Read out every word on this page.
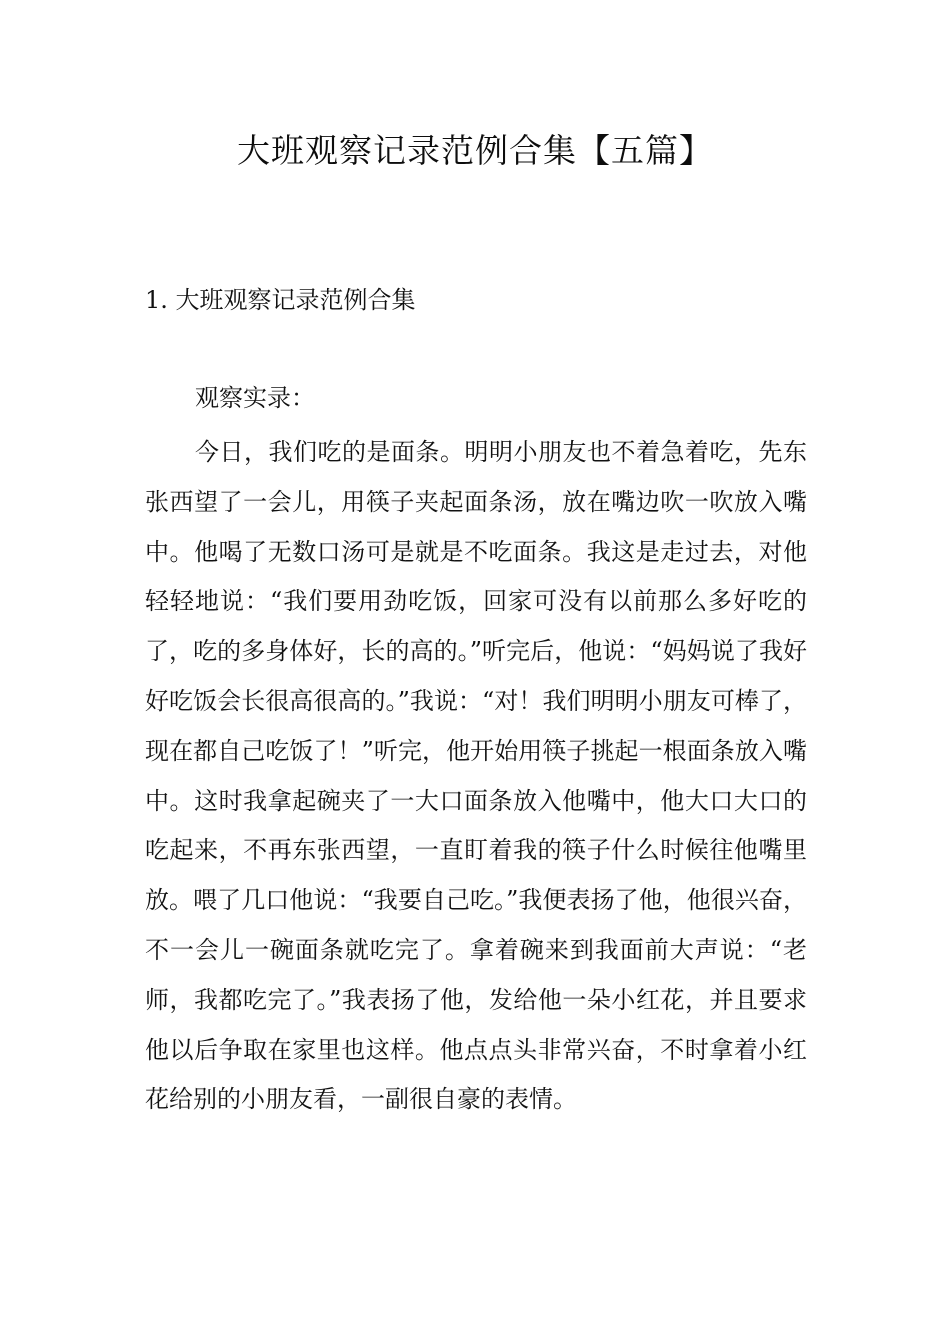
大班观察记录范例合集【五篇】
1. 大班观察记录范例合集
观察实录：

今日，我们吃的是面条。明明小朋友也不着急着吃，先东张西望了一会儿，用筷子夹起面条汤，放在嘴边吹一吹放入嘴中。他喝了无数口汤可是就是不吃面条。我这是走过去，对他轻轻地说：“我们要用劲吃饭，回家可没有以前那么多好吃的了，吃的多身体好，长的高的。”听完后，他说：“妈妈说了我好好吃饭会长很高很高的。”我说：“对！我们明明小朋友可棒了，现在都自己吃饭了！”听完，他开始用筷子挑起一根面条放入嘴中。这时我拿起碗夹了一大口面条放入他嘴中，他大口大口的吃起来，不再东张西望，一直盯着我的筷子什么时候往他嘴里放。喂了几口他说：“我要自己吃。”我便表扬了他，他很兴奋，不一会儿一碗面条就吃完了。拿着碗来到我面前大声说：“老师，我都吃完了。”我表扬了他，发给他一朵小红花，并且要求他以后争取在家里也这样。他点点头非常兴奋，不时拿着小红花给别的小朋友看，一副很自豪的表情。
